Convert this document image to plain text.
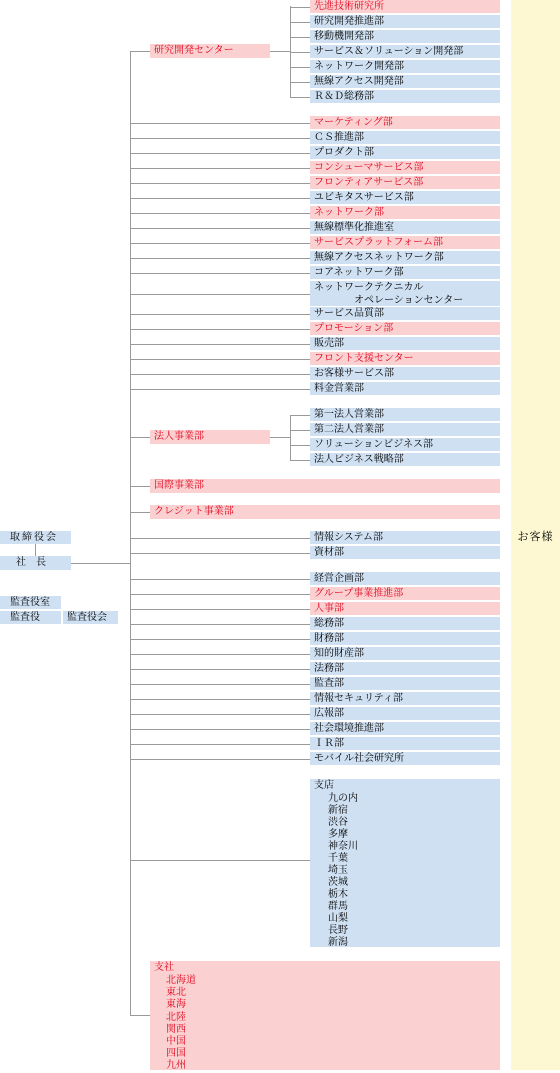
お客様
取締役会
社　長
監査役室
監査役	監査役会
先進技術研究所
研究開発推進部
移動機開発部
サービス＆ソリューション開発部
ネットワーク開発部
無線アクセス開発部
Ｒ＆Ｄ総務部
マーケティング部
ＣＳ推進部
プロダクト部
コンシューマサービス部
フロンティアサービス部
ユビキタスサービス部
ネットワーク部
無線標準化推進室
サービスプラットフォーム部
無線アクセスネットワーク部
コアネットワーク部
ネットワークテクニカル
　　　　オペレーションセンター
サービス品質部
プロモーション部
販売部
フロント支援センター
お客様サービス部
料金営業部
第一法人営業部
第二法人営業部
ソリューションビジネス部
法人ビジネス戦略部
情報システム部
資材部
経営企画部
グループ事業推進部
人事部
総務部
財務部
知的財産部
法務部
監査部
情報セキュリティ部
広報部
社会環境推進部
ＩＲ部
モバイル社会研究所
研究開発センター
法人事業部
国際事業部
クレジット事業部
支店
九の内
新宿
渋谷
多摩
神奈川
千葉
埼玉
茨城
栃木
群馬
山梨
長野
新潟
支社
北海道
東北
東海
北陸
関西
中国
四国
九州
